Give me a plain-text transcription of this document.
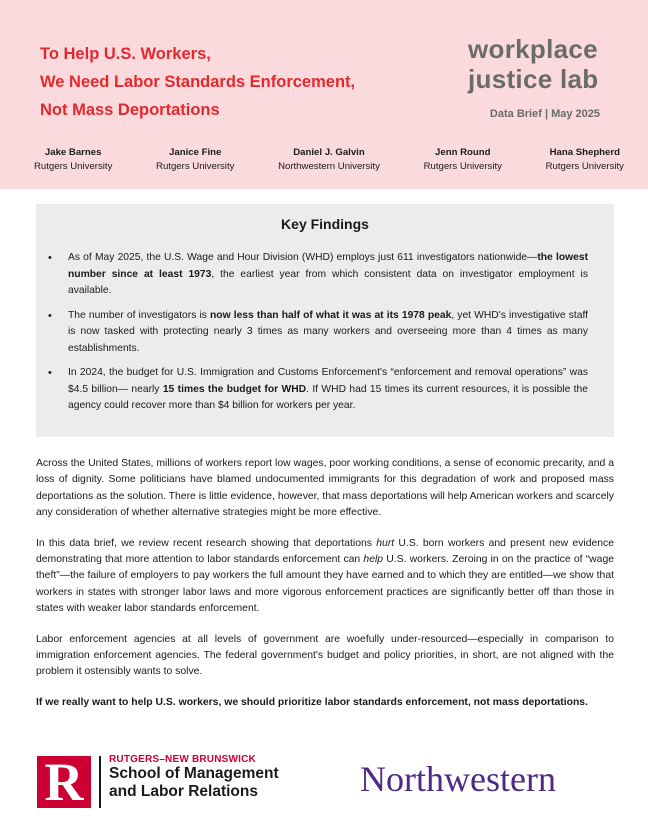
To Help U.S. Workers,
We Need Labor Standards Enforcement,
Not Mass Deportations
workplace
justice lab
Data Brief | May 2025
Jake Barnes
Rutgers University
Janice Fine
Rutgers University
Daniel J. Galvin
Northwestern University
Jenn Round
Rutgers University
Hana Shepherd
Rutgers University
Key Findings
• As of May 2025, the U.S. Wage and Hour Division (WHD) employs just 611 investigators nationwide—the lowest number since at least 1973, the earliest year from which consistent data on investigator employment is available.
• The number of investigators is now less than half of what it was at its 1978 peak, yet WHD's investigative staff is now tasked with protecting nearly 3 times as many workers and overseeing more than 4 times as many establishments.
• In 2024, the budget for U.S. Immigration and Customs Enforcement's “enforcement and removal operations” was $4.5 billion— nearly 15 times the budget for WHD. If WHD had 15 times its current resources, it is possible the agency could recover more than $4 billion for workers per year.

Across the United States, millions of workers report low wages, poor working conditions, a sense of economic precarity, and a loss of dignity. Some politicians have blamed undocumented immigrants for this degradation of work and proposed mass deportations as the solution. There is little evidence, however, that mass deportations will help American workers and scarcely any consideration of whether alternative strategies might be more effective.

In this data brief, we review recent research showing that deportations hurt U.S. born workers and present new evidence demonstrating that more attention to labor standards enforcement can help U.S. workers. Zeroing in on the practice of “wage theft”—the failure of employers to pay workers the full amount they have earned and to which they are entitled—we show that workers in states with stronger labor laws and more vigorous enforcement practices are significantly better off than those in states with weaker labor standards enforcement.

Labor enforcement agencies at all levels of government are woefully under-resourced—especially in comparison to immigration enforcement agencies. The federal government's budget and policy priorities, in short, are not aligned with the problem it ostensibly wants to solve.

If we really want to help U.S. workers, we should prioritize labor standards enforcement, not mass deportations.

R	RUTGERS–NEW BRUNSWICK
School of Management
and Labor Relations	Northwestern
